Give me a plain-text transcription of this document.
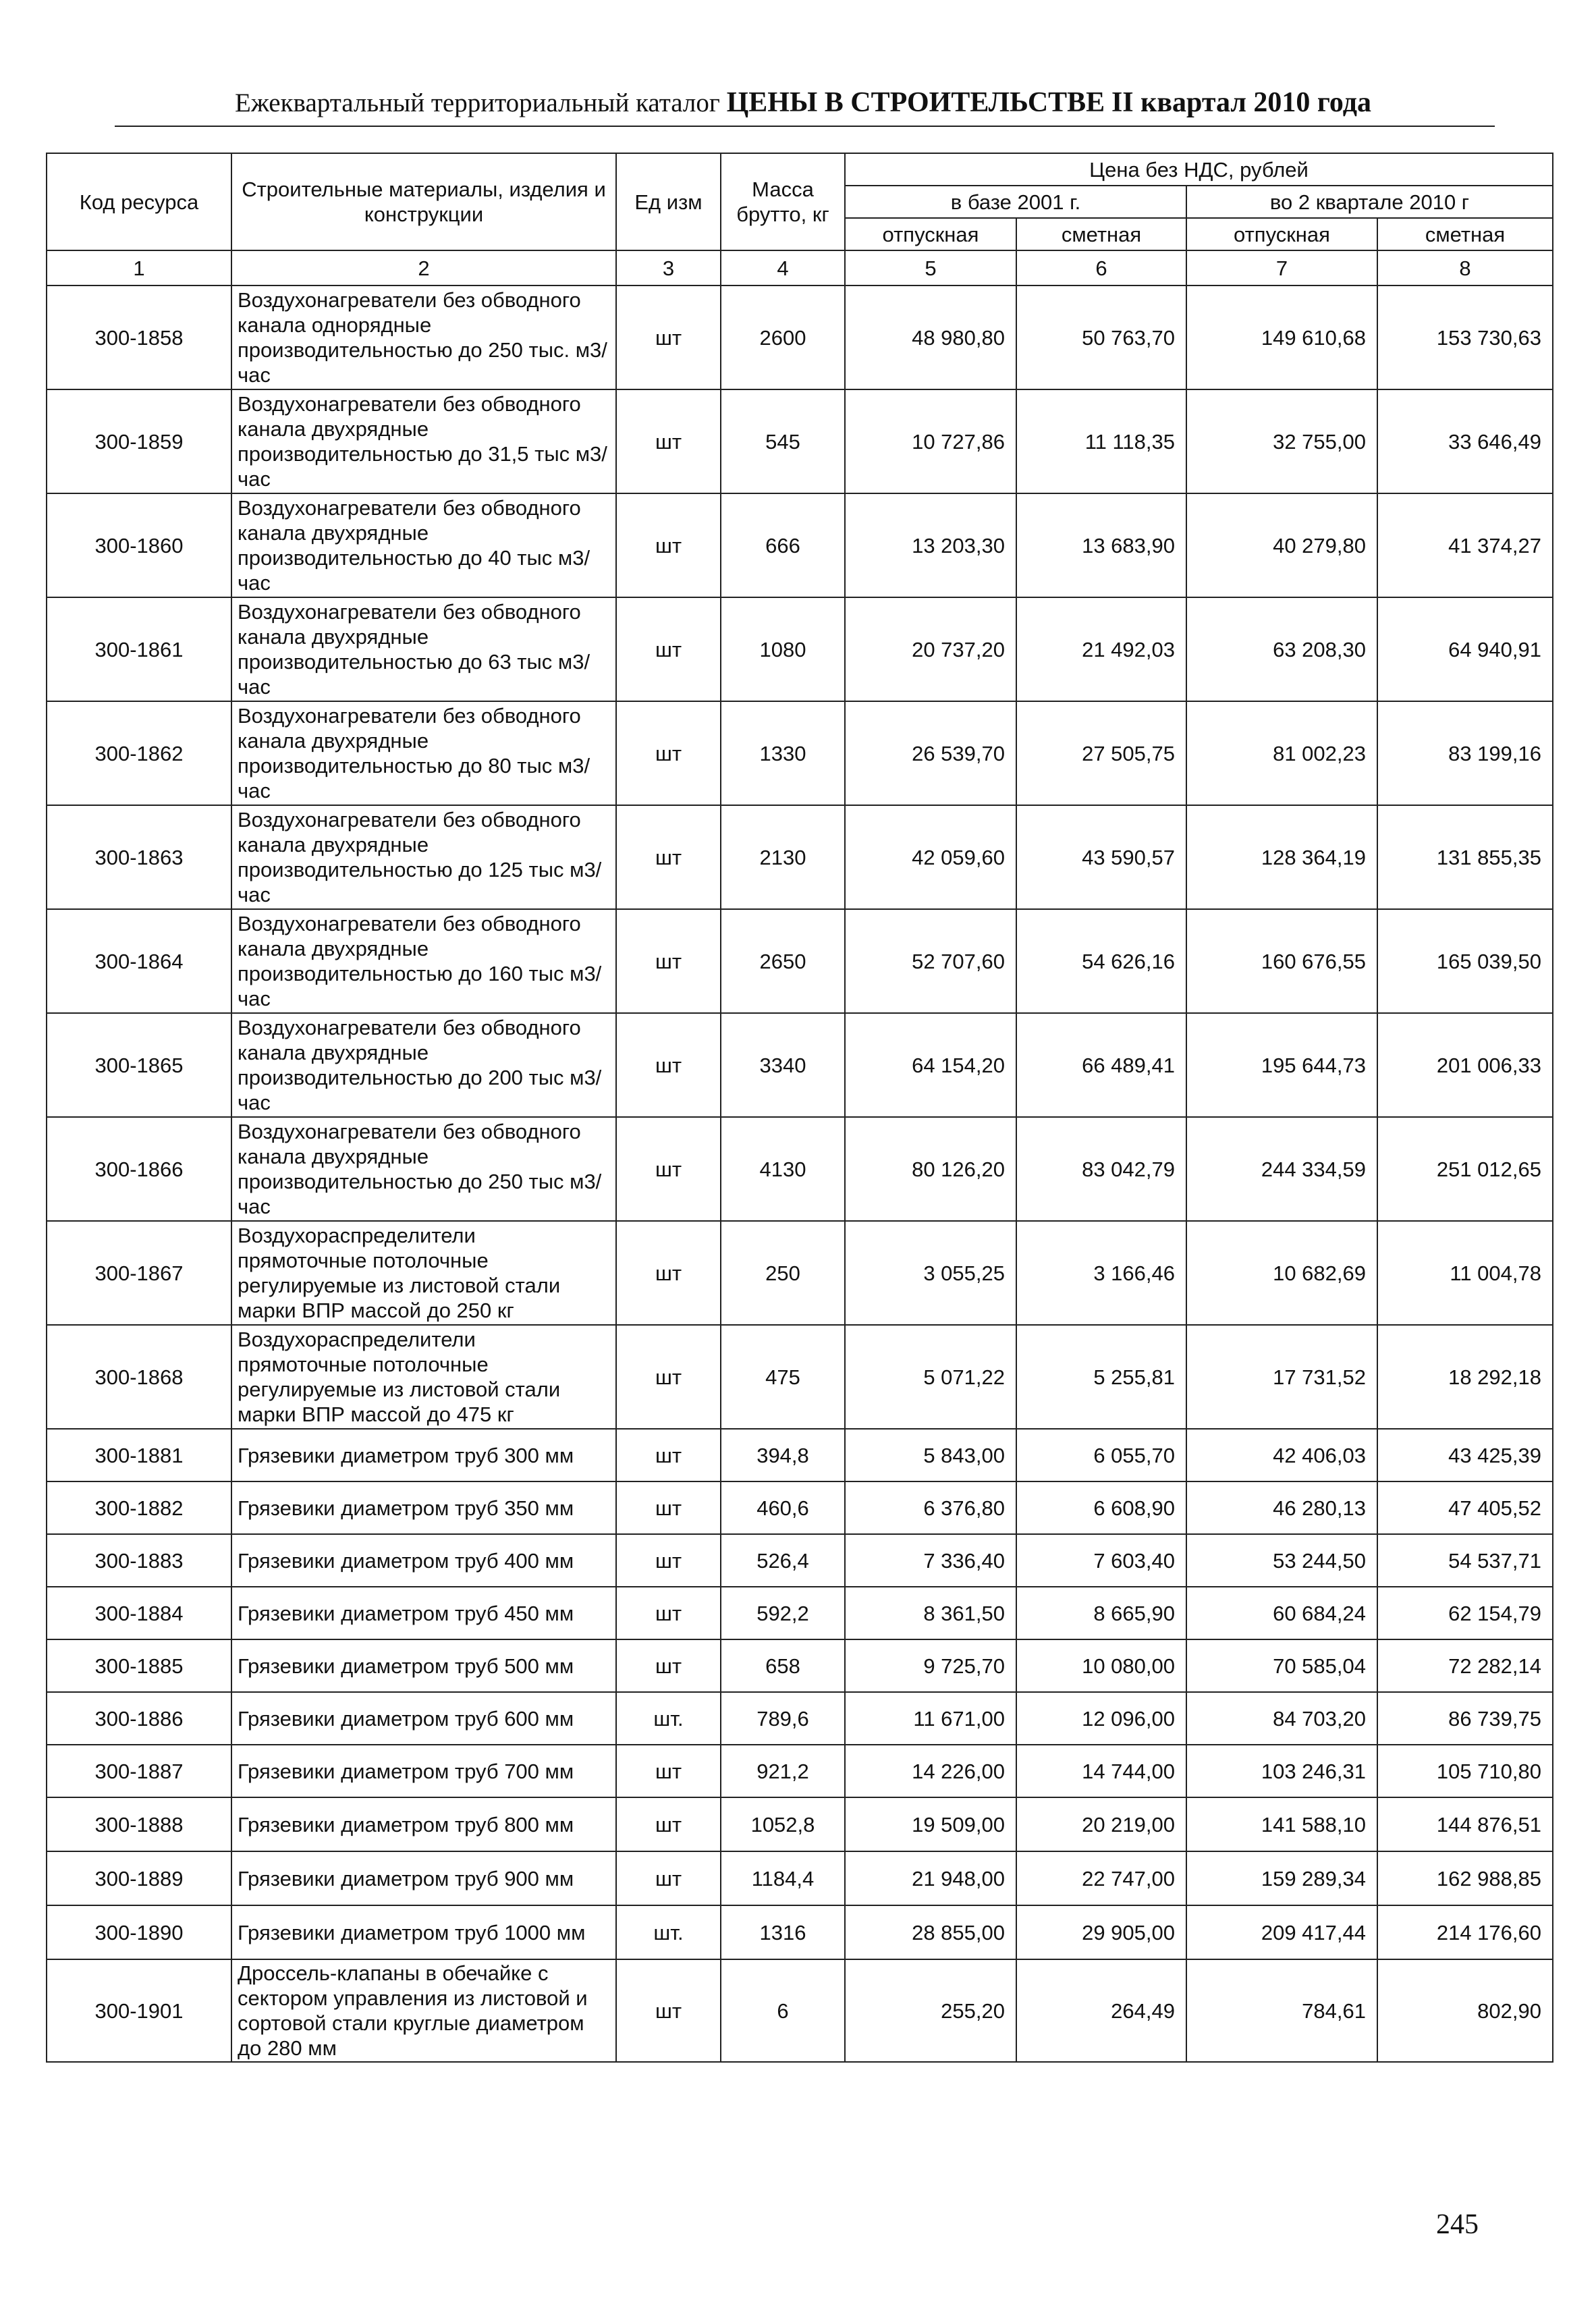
Ежеквартальный территориальный каталог ЦЕНЫ В СТРОИТЕЛЬСТВЕ II квартал 2010 года
Код ресурса	Строительные материалы, изделия и конструкции	Ед изм	Масса брутто, кг	Цена без НДС, рублей			
				в базе 2001 г.		во 2 квартале 2010 г	
				отпускная	сметная	отпускная	сметная
1	2	3	4	5	6	7	8
300-1858	Воздухонагреватели без обводного канала однорядные производительностью до 250 тыс. м3/час	шт	2600	48 980,80	50 763,70	149 610,68	153 730,63
300-1859	Воздухонагреватели без обводного канала двухрядные производительностью до 31,5 тыс м3/час	шт	545	10 727,86	11 118,35	32 755,00	33 646,49
300-1860	Воздухонагреватели без обводного канала двухрядные производительностью до 40 тыс м3/час	шт	666	13 203,30	13 683,90	40 279,80	41 374,27
300-1861	Воздухонагреватели без обводного канала двухрядные производительностью до 63 тыс м3/час	шт	1080	20 737,20	21 492,03	63 208,30	64 940,91
300-1862	Воздухонагреватели без обводного канала двухрядные производительностью до 80 тыс м3/час	шт	1330	26 539,70	27 505,75	81 002,23	83 199,16
300-1863	Воздухонагреватели без обводного канала двухрядные производительностью до 125 тыс м3/час	шт	2130	42 059,60	43 590,57	128 364,19	131 855,35
300-1864	Воздухонагреватели без обводного канала двухрядные производительностью до 160 тыс м3/час	шт	2650	52 707,60	54 626,16	160 676,55	165 039,50
300-1865	Воздухонагреватели без обводного канала двухрядные производительностью до 200 тыс м3/час	шт	3340	64 154,20	66 489,41	195 644,73	201 006,33
300-1866	Воздухонагреватели без обводного канала двухрядные производительностью до 250 тыс м3/час	шт	4130	80 126,20	83 042,79	244 334,59	251 012,65
300-1867	Воздухораспределители прямоточные потолочные регулируемые из листовой стали марки ВПР массой до 250 кг	шт	250	3 055,25	3 166,46	10 682,69	11 004,78
300-1868	Воздухораспределители прямоточные потолочные регулируемые из листовой стали марки ВПР массой до 475 кг	шт	475	5 071,22	5 255,81	17 731,52	18 292,18
300-1881	Грязевики диаметром труб 300 мм	шт	394,8	5 843,00	6 055,70	42 406,03	43 425,39
300-1882	Грязевики диаметром труб 350 мм	шт	460,6	6 376,80	6 608,90	46 280,13	47 405,52
300-1883	Грязевики диаметром труб 400 мм	шт	526,4	7 336,40	7 603,40	53 244,50	54 537,71
300-1884	Грязевики диаметром труб 450 мм	шт	592,2	8 361,50	8 665,90	60 684,24	62 154,79
300-1885	Грязевики диаметром труб 500 мм	шт	658	9 725,70	10 080,00	70 585,04	72 282,14
300-1886	Грязевики диаметром труб 600 мм	шт.	789,6	11 671,00	12 096,00	84 703,20	86 739,75
300-1887	Грязевики диаметром труб 700 мм	шт	921,2	14 226,00	14 744,00	103 246,31	105 710,80
300-1888	Грязевики диаметром труб 800 мм	шт	1052,8	19 509,00	20 219,00	141 588,10	144 876,51
300-1889	Грязевики диаметром труб 900 мм	шт	1184,4	21 948,00	22 747,00	159 289,34	162 988,85
300-1890	Грязевики диаметром труб 1000 мм	шт.	1316	28 855,00	29 905,00	209 417,44	214 176,60
300-1901	Дроссель-клапаны в обечайке с сектором управления из листовой и сортовой стали круглые диаметром до 280 мм	шт	6	255,20	264,49	784,61	802,90
245
